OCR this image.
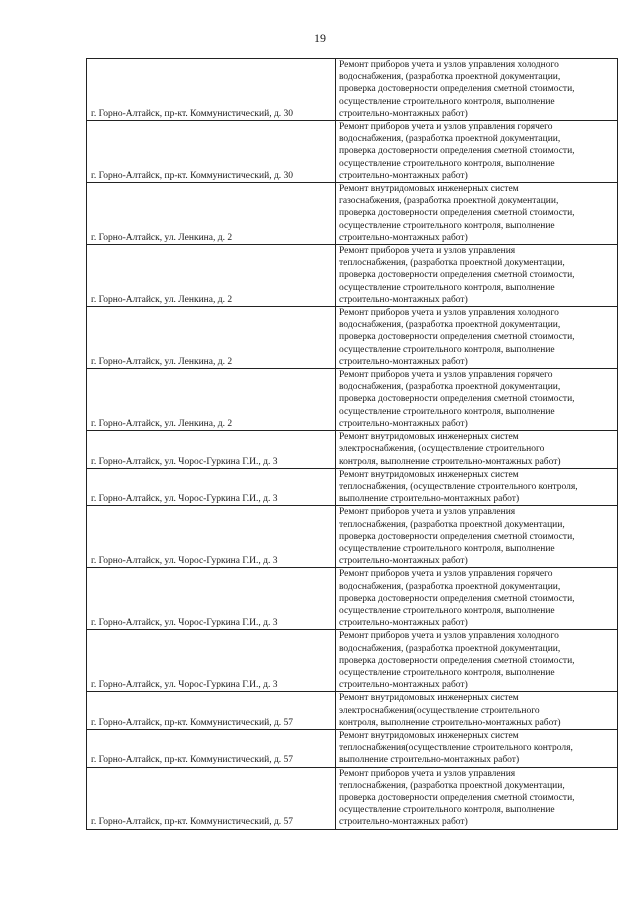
19
г. Горно-Алтайск, пр-кт. Коммунистический, д. 30	Ремонт приборов учета и узлов управления холодного
водоснабжения, (разработка проектной документации,
проверка достоверности определения сметной стоимости,
осуществление строительного контроля, выполнение
строительно-монтажных работ)

г. Горно-Алтайск, пр-кт. Коммунистический, д. 30	Ремонт приборов учета и узлов управления горячего
водоснабжения, (разработка проектной документации,
проверка достоверности определения сметной стоимости,
осуществление строительного контроля, выполнение
строительно-монтажных работ)

г. Горно-Алтайск, ул. Ленкина, д. 2	Ремонт внутридомовых инженерных систем
газоснабжения, (разработка проектной документации,
проверка достоверности определения сметной стоимости,
осуществление строительного контроля, выполнение
строительно-монтажных работ)

г. Горно-Алтайск, ул. Ленкина, д. 2	Ремонт приборов учета и узлов управления
теплоснабжения, (разработка проектной документации,
проверка достоверности определения сметной стоимости,
осуществление строительного контроля, выполнение
строительно-монтажных работ)

г. Горно-Алтайск, ул. Ленкина, д. 2	Ремонт приборов учета и узлов управления холодного
водоснабжения, (разработка проектной документации,
проверка достоверности определения сметной стоимости,
осуществление строительного контроля, выполнение
строительно-монтажных работ)

г. Горно-Алтайск, ул. Ленкина, д. 2	Ремонт приборов учета и узлов управления горячего
водоснабжения, (разработка проектной документации,
проверка достоверности определения сметной стоимости,
осуществление строительного контроля, выполнение
строительно-монтажных работ)

г. Горно-Алтайск, ул. Чорос-Гуркина Г.И., д. 3	Ремонт внутридомовых инженерных систем
электроснабжения, (осуществление строительного
контроля, выполнение строительно-монтажных работ)

г. Горно-Алтайск, ул. Чорос-Гуркина Г.И., д. 3	Ремонт внутридомовых инженерных систем
теплоснабжения, (осуществление строительного контроля,
выполнение строительно-монтажных работ)

г. Горно-Алтайск, ул. Чорос-Гуркина Г.И., д. 3	Ремонт приборов учета и узлов управления
теплоснабжения, (разработка проектной документации,
проверка достоверности определения сметной стоимости,
осуществление строительного контроля, выполнение
строительно-монтажных работ)

г. Горно-Алтайск, ул. Чорос-Гуркина Г.И., д. 3	Ремонт приборов учета и узлов управления горячего
водоснабжения, (разработка проектной документации,
проверка достоверности определения сметной стоимости,
осуществление строительного контроля, выполнение
строительно-монтажных работ)

г. Горно-Алтайск, ул. Чорос-Гуркина Г.И., д. 3	Ремонт приборов учета и узлов управления холодного
водоснабжения, (разработка проектной документации,
проверка достоверности определения сметной стоимости,
осуществление строительного контроля, выполнение
строительно-монтажных работ)

г. Горно-Алтайск, пр-кт. Коммунистический, д. 57	Ремонт внутридомовых инженерных систем
электроснабжения(осуществление строительного
контроля, выполнение строительно-монтажных работ)

г. Горно-Алтайск, пр-кт. Коммунистический, д. 57	Ремонт внутридомовых инженерных систем
теплоснабжения(осуществление строительного контроля,
выполнение строительно-монтажных работ)

г. Горно-Алтайск, пр-кт. Коммунистический, д. 57	Ремонт приборов учета и узлов управления
теплоснабжения, (разработка проектной документации,
проверка достоверности определения сметной стоимости,
осуществление строительного контроля, выполнение
строительно-монтажных работ)
